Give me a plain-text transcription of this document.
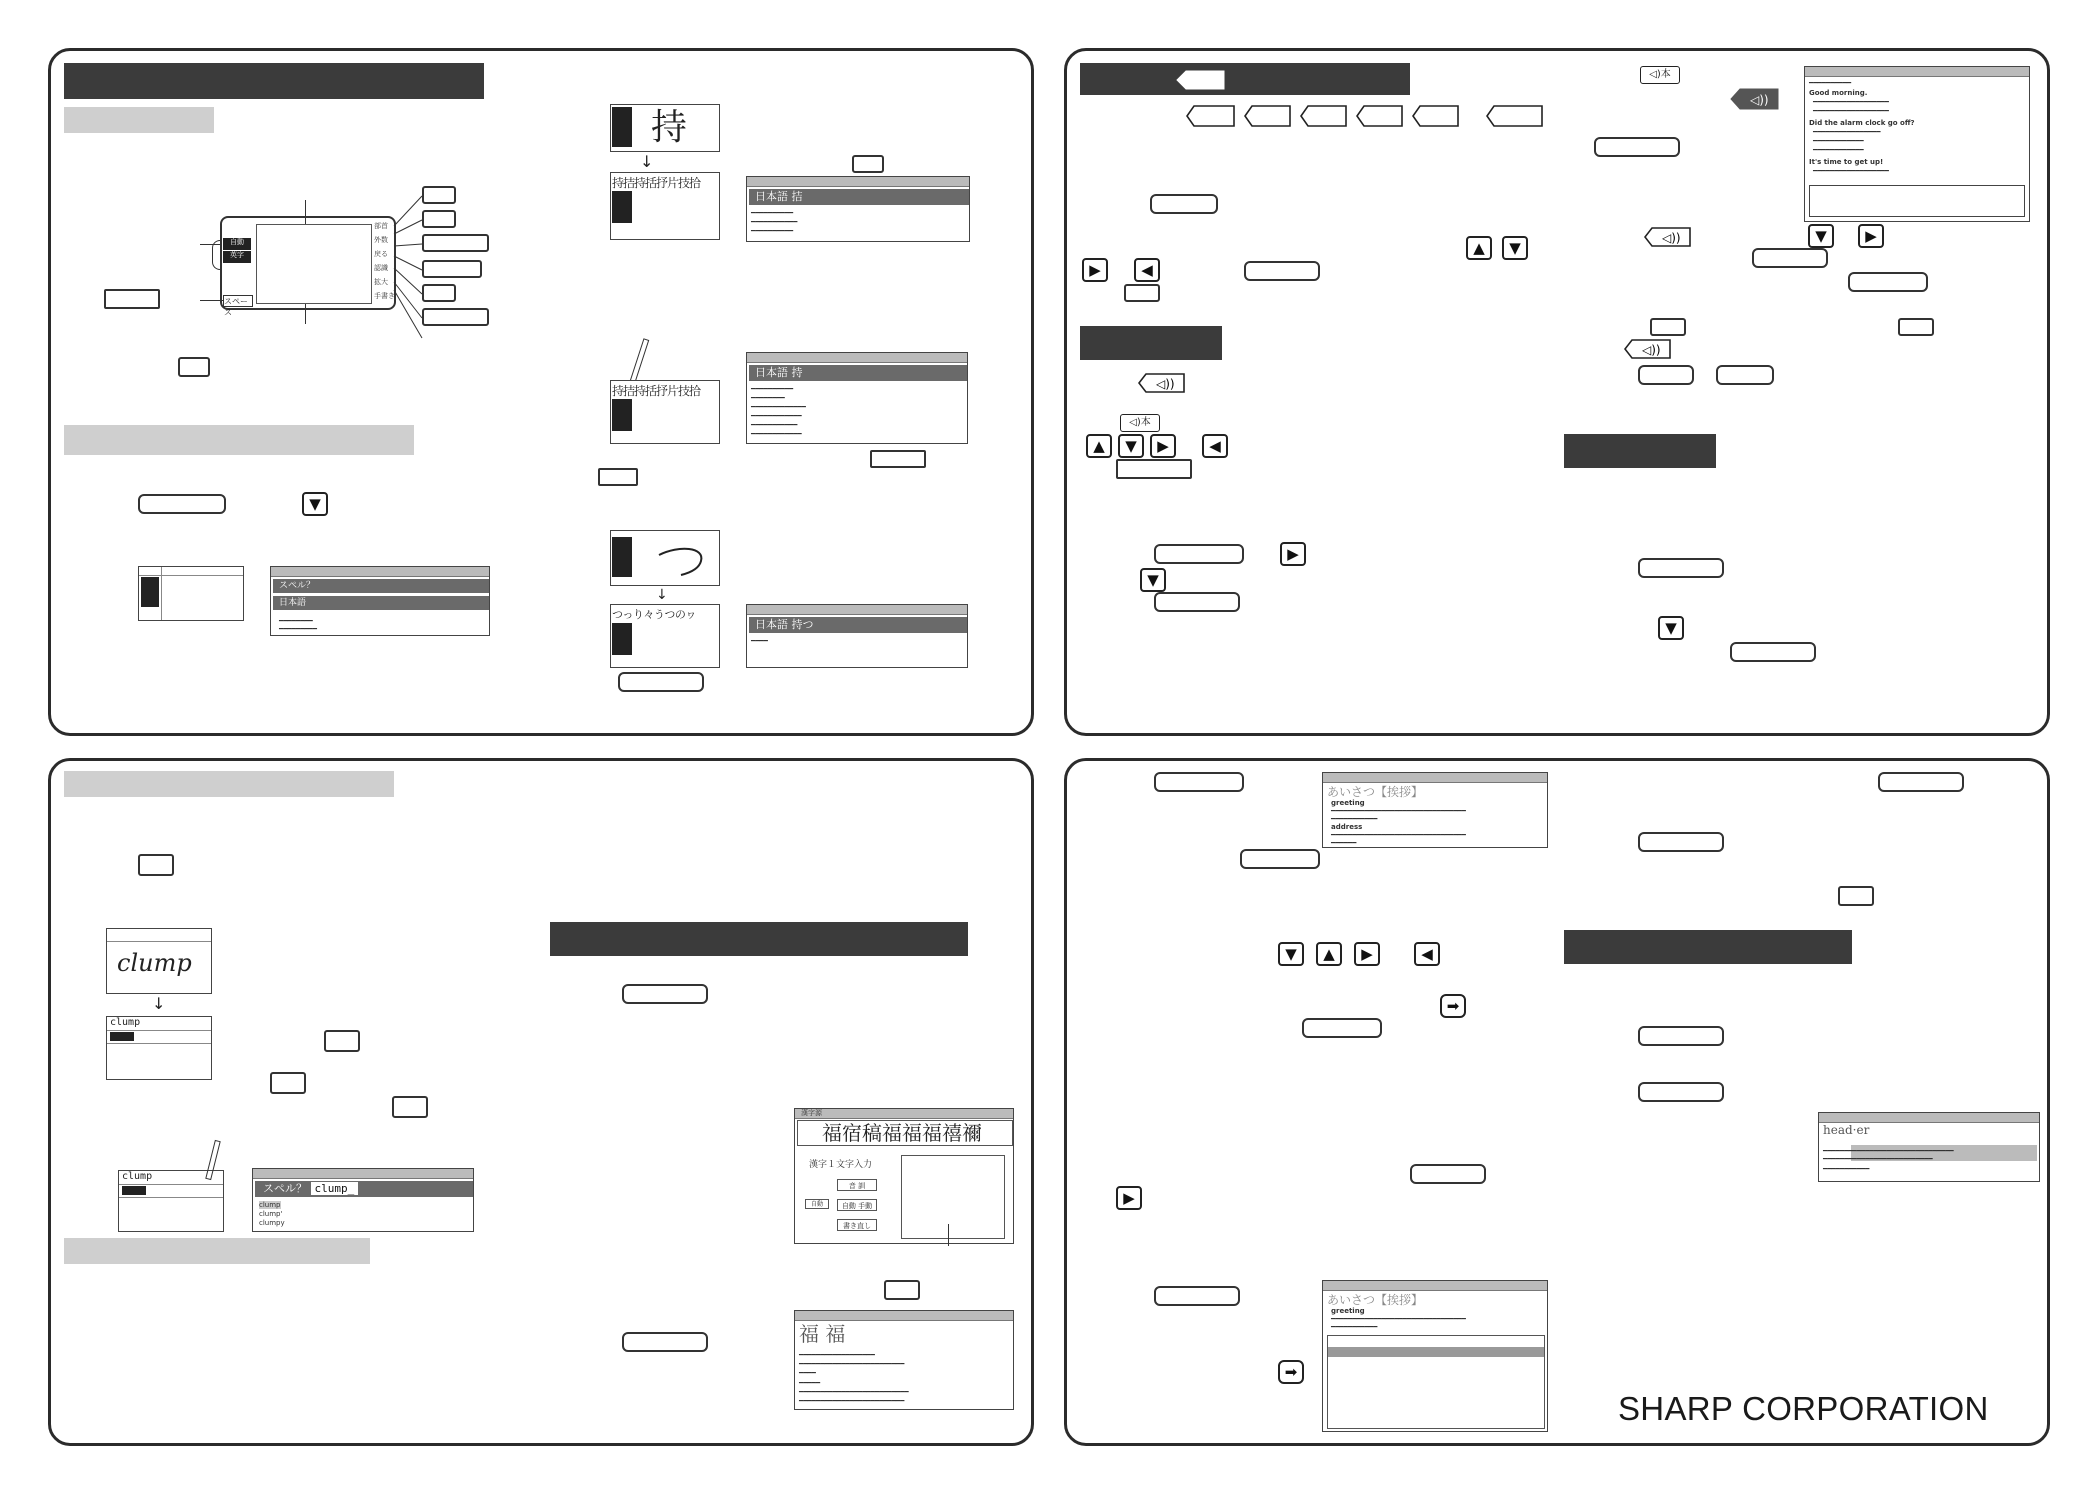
自動
英字
スペース
部首
外数
戻る
認識
拡大
手書き
▼
スペル？
日本語
━━━━━━━━
━━━━━━━━━
持
↓
持拮持括抒片技拾
日本語 拮
━━━━━━━━━━
━━━━━━━━━━━
━━━━━━━━━━
持拮持括抒片技拾
日本語 持
━━━━━━━━━━
━━━━━━━━
━━━━━━━━━━━━━
━━━━━━━━━━━━
━━━━━━━━━━━
━━━━━━━━━━━━
↓
つっり々うつのヮ
日本語 持つ
━━━━
▲	▼
▶	◀
◁))
◁)本
▲	▼	▶	◀
▶
▼
◁)本
◁))
━━━━━━━━━━
Good morning.
━━━━━━━━━━━━━━━━━━
━━━━━━━━━━━━━━━━━━
Did the alarm clock go off?
━━━━━━━━━━━━━━━━
━━━━━━━━━━━━
━━━━━━━━━━━━
It's time to get up!
━━━━━━━━━━━━━━━━━━
◁))	▼	▶
◁))
▼
clump
↓
clump
clump
スペル？ clump_
clump
clump'
clumpy
漢字源
福宿稿福福福禧禰
漢字１文字入力
音 訓
自動	自動 手動
書き直し
福 福
━━━━━━━━━━━━━━━━━━
━━━━━━━━━━━━━━━━━━━━━━━━━
━━━━
━━━━━
━━━━━━━━━━━━━━━━━━━━━━━━━━
━━━━━━━━━━━━━━━━━━━━━━━━━
あいさつ【挨拶】
greeting
━━━━━━━━━━━━━━━━━━━━━━━━━━━━━━━━
━━━━━━━━━━━
address
━━━━━━━━━━━━━━━━━━━━━━━━━━━━━━━━
━━━━━━
▼	▲	▶	◀
➡
▶
➡
あいさつ【挨拶】
greeting
━━━━━━━━━━━━━━━━━━━━━━━━━━━━━━━━
━━━━━━━━━━━
head·er
━━━━━━━━━━━━━━━━━━━━━━━━━━━━━━━
━━━━━━━━━━━━━━━━━━━━━━━━━━
━━━━━━━━━━━
SHARP CORPORATION
